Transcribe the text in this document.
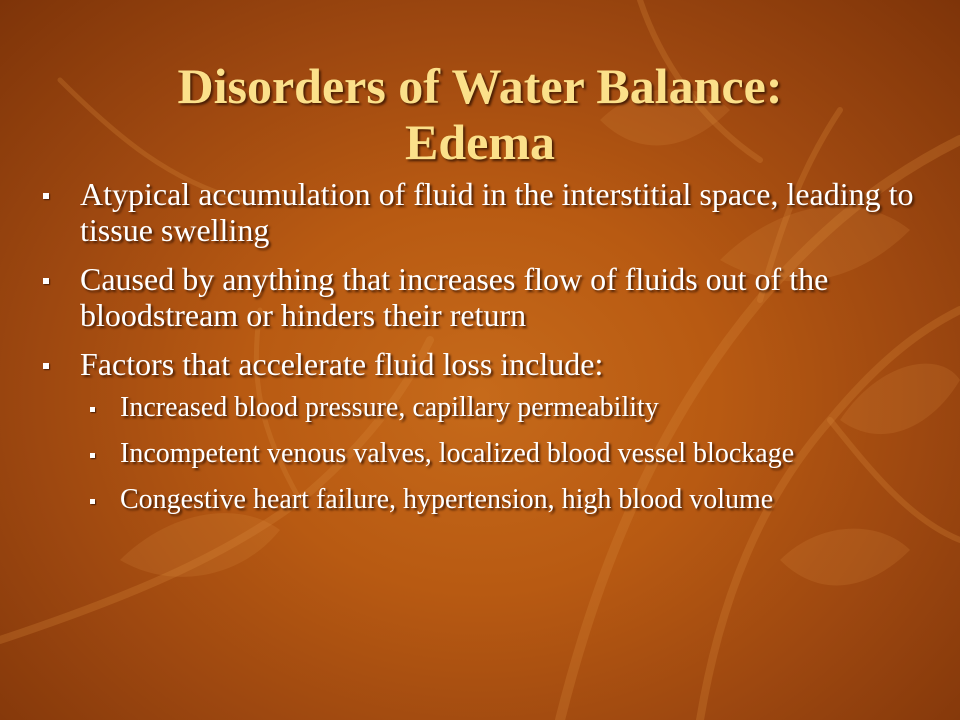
Disorders of Water Balance:
Edema
Atypical accumulation of fluid in the interstitial space, leading to tissue swelling
Caused by anything that increases flow of fluids out of the bloodstream or hinders their return
Factors that accelerate fluid loss include:
Increased blood pressure, capillary permeability
Incompetent venous valves, localized blood vessel blockage
Congestive heart failure, hypertension, high blood volume
